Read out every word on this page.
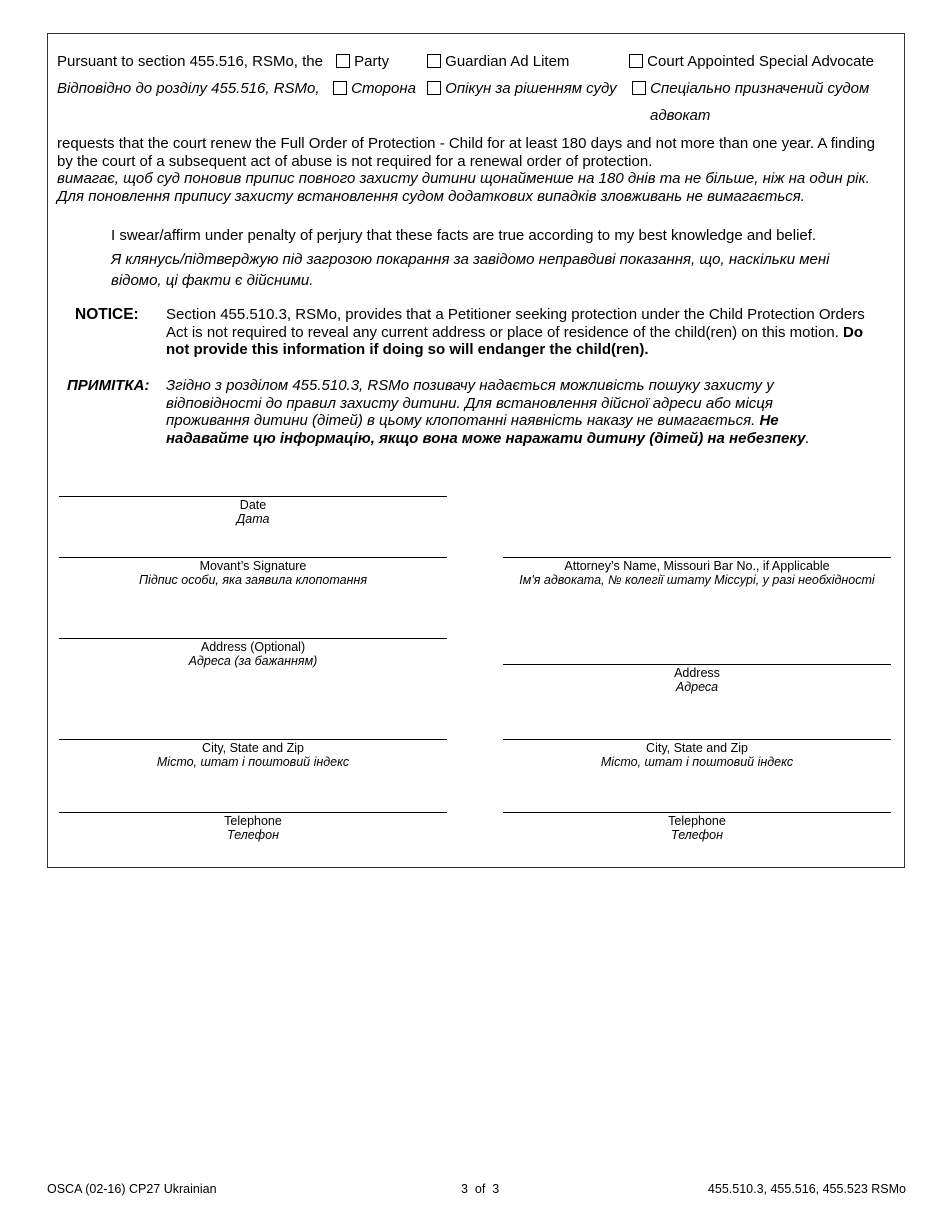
Pursuant to section 455.516, RSMo, the	Party	Guardian Ad Litem	Court Appointed Special Advocate
Відповідно до розділу 455.516, RSMo,	Сторона	Опікун за рішенням суду	Спеціально призначений судом
адвокат
requests that the court renew the Full Order of Protection - Child for at least 180 days and not more than one year. A finding by the court of a subsequent act of abuse is not required for a renewal order of protection.
вимагає, щоб суд поновив припис повного захисту дитини щонайменше на 180 днів та не більше, ніж на один рік. Для поновлення припису захисту встановлення судом додаткових випадків зловживань не вимагається.
I swear/affirm under penalty of perjury that these facts are true according to my best knowledge and belief.
Я клянусь/підтверджую під загрозою покарання за завідомо неправдиві показання, що, наскільки мені відомо, ці факти є дійсними.
NOTICE: Section 455.510.3, RSMo, provides that a Petitioner seeking protection under the Child Protection Orders Act is not required to reveal any current address or place of residence of the child(ren) on this motion. Do not provide this information if doing so will endanger the child(ren).
ПРИМІТКА: Згідно з розділом 455.510.3, RSMo позивачу надається можливість пошуку захисту у відповідності до правил захисту дитини. Для встановлення дійсної адреси або місця проживання дитини (дітей) в цьому клопотанні наявність наказу не вимагається. Не надавайте цю інформацію, якщо вона може наражати дитину (дітей) на небезпеку.
Date
Дата
Movant’s Signature
Підпис особи, яка заявила клопотання
Address (Optional)
Адреса (за бажанням)
City, State and Zip
Місто, штат і поштовий індекс
Telephone
Телефон
Attorney’s Name, Missouri Bar No., if Applicable
Ім'я адвоката, № колегії штату Міссурі, у разі необхідності
Address
Адреса
City, State and Zip
Місто, штат і поштовий індекс
Telephone
Телефон
OSCA (02-16) CP27 Ukrainian	3  of  3	455.510.3, 455.516, 455.523 RSMo
